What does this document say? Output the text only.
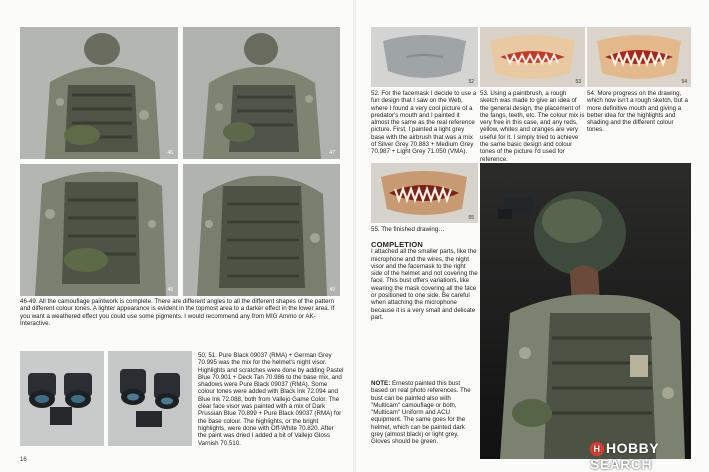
46	47
48	49

46-49. All the camouflage paintwork is complete. There are different angles to all the different shapes of the pattern and different colour tones. A lighter appearance is evident in the topmost area to a darker effect in the lower area. If you want a weathered effect you could use some pigments. I would recommend any from MIG Ammo or AK-Interactive.

50, 51. Pure Black 09037 (RMA) + German Grey 70.995 was the mix for the helmet's night visor. Highlights and scratches were done by adding Pastel Blue 70.901 + Deck Tan 70.986 to the base mix, and shadows were Pure Black 09037 (RMA). Some colour tones were added with Black Ink 72.094 and Blue Ink 72.088, both from Vallejo Game Color. The clear face visor was painted with a mix of Dark Prussian Blue 70.899 + Pure Black 09037 (RMA) for the base colour. The highlights, or the bright highlights, were done with Off-White 70.820. After the paint was dried I added a bit of Vallejo Gloss Varnish 70.510.

16
52	53	54

52. For the facemask I decide to use a fun design that I saw on the Web, where I found a very cool picture of a predator's mouth and I painted it almost the same as the real reference picture. First, I painted a light grey base with the airbrush that was a mix of Silver Grey 70.883 + Medium Grey 70.987 + Light Grey 71.050 (VMA).

53. Using a paintbrush, a rough sketch was made to give an idea of the general design, the placement of the fangs, teeth, etc. The colour mix is very free in this case, and any reds, yellow, whites and oranges are very useful for it. I simply tried to achieve the same basic design and colour tones of the picture I'd used for reference.

54. More progress on the drawing, which now isn't a rough sketch, but a more definitive mouth and giving a better idea for the highlights and shading and the different colour tones.

55

55. The finished drawing…

COMPLETION

I attached all the smaller parts, like the microphone and the wires, the night visor and the facemask to the right side of the helmet and not covering the face. This bust offers variations, like wearing the mask covering all the face or positioned to one side. Be careful when attaching the microphone because it is a very small and delicate part.

NOTE: Ernesto painted this bust based on real photo references. The bust can be painted also with "Multicam" camouflage or both, "Multicam" Uniform and ACU equipment. The same goes for the helmet, which can be painted dark grey (almost black) or light grey. Gloves should be green.

H HOBBY SEARCH
